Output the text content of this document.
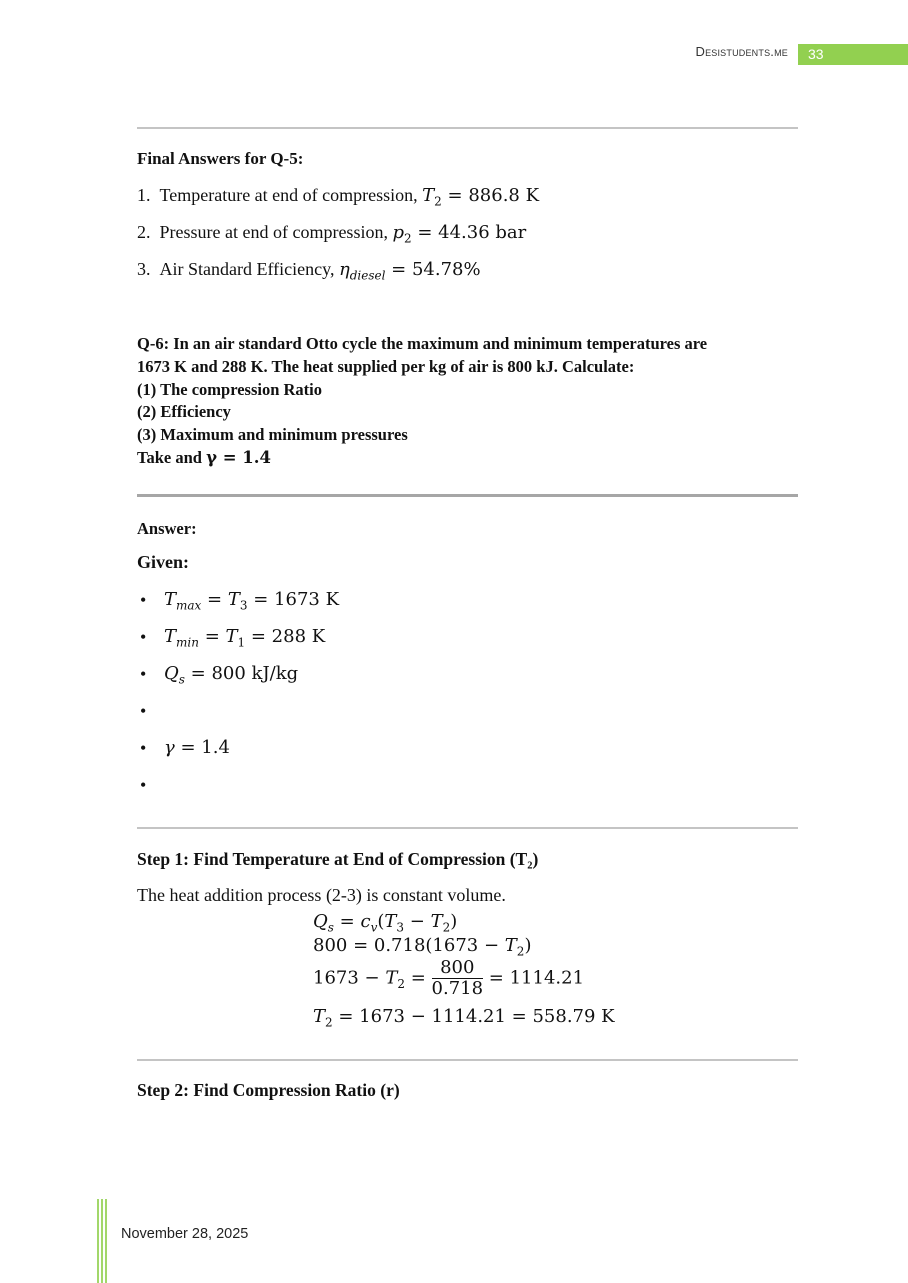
Desistudents.me 33
Final Answers for Q-5:
1. Temperature at end of compression, $T_2 = 886.8$ K
2. Pressure at end of compression, $p_2 = 44.36$ bar
3. Air Standard Efficiency, $\eta_{diesel} = 54.78\%$
Q-6: In an air standard Otto cycle the maximum and minimum temperatures are
1673 K and 288 K. The heat supplied per kg of air is 800 kJ. Calculate:
(1) The compression Ratio
(2) Efficiency
(3) Maximum and minimum pressures
Take and γ = 1.4
Answer:
Given:
• $T_{max} = T_3 = 1673$ K
• $T_{min} = T_1 = 288$ K
• $Q_s = 800$ kJ/kg
•
• γ = 1.4
•
Step 1: Find Temperature at End of Compression (T₂)
The heat addition process (2-3) is constant volume.
$Q_s = c_v(T_3 - T_2)$
$800 = 0.718(1673 - T_2)$
$1673 - T_2 = \frac{800}{0.718} = 1114.21$
$T_2 = 1673 - 1114.21 = 558.79$ K
Step 2: Find Compression Ratio (r)
November 28, 2025
